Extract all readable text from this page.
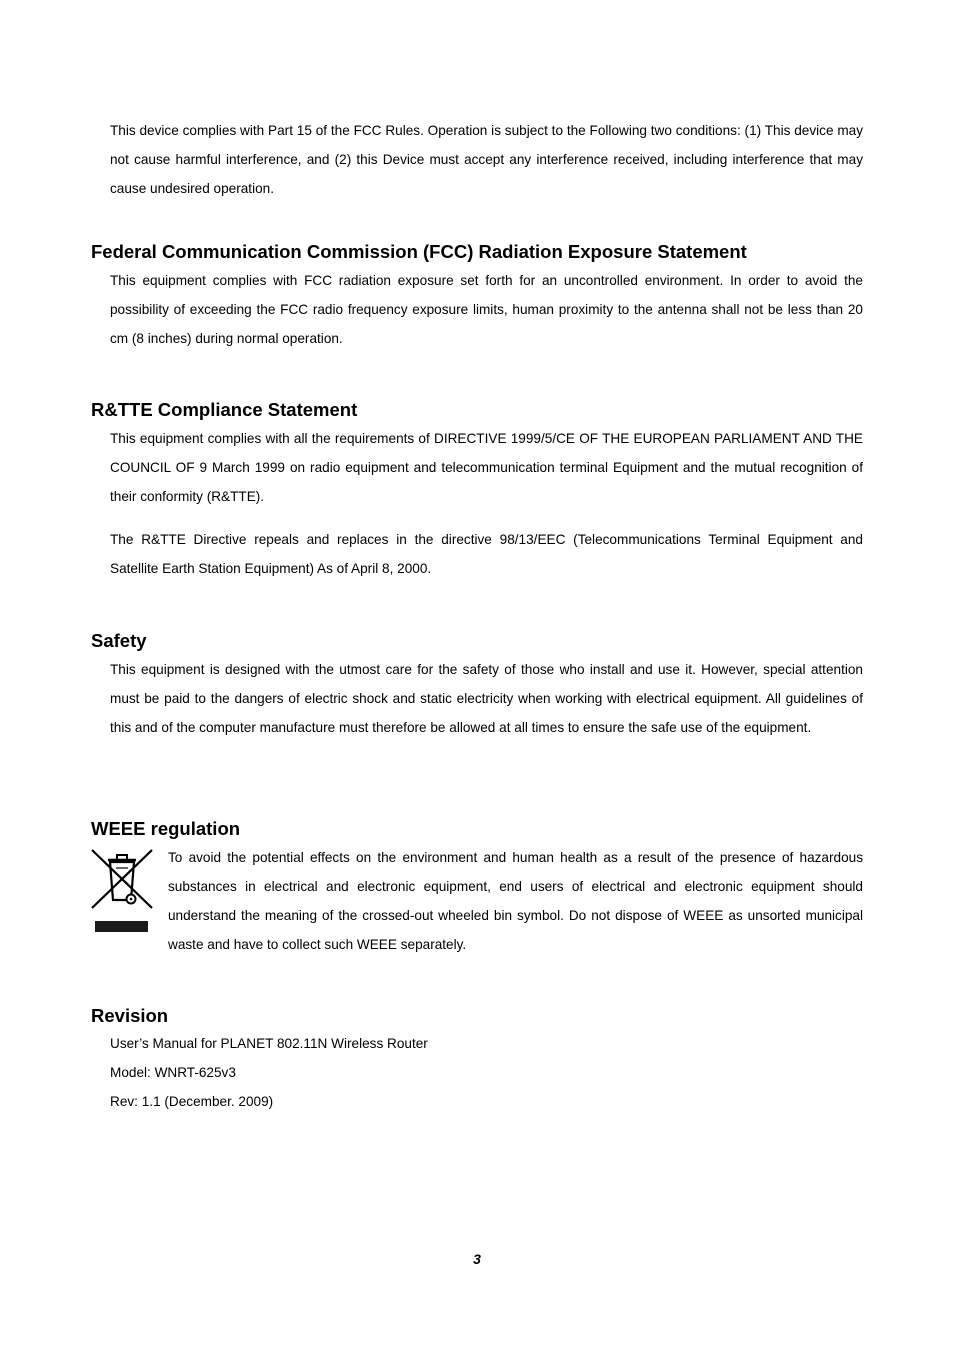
This device complies with Part 15 of the FCC Rules. Operation is subject to the Following two conditions: (1) This device may not cause harmful interference, and (2) this Device must accept any interference received, including interference that may cause undesired operation.

Federal Communication Commission (FCC) Radiation Exposure Statement

This equipment complies with FCC radiation exposure set forth for an uncontrolled environment. In order to avoid the possibility of exceeding the FCC radio frequency exposure limits, human proximity to the antenna shall not be less than 20 cm (8 inches) during normal operation.

R&TTE Compliance Statement

This equipment complies with all the requirements of DIRECTIVE 1999/5/CE OF THE EUROPEAN PARLIAMENT AND THE COUNCIL OF 9 March 1999 on radio equipment and telecommunication terminal Equipment and the mutual recognition of their conformity (R&TTE).

The R&TTE Directive repeals and replaces in the directive 98/13/EEC (Telecommunications Terminal Equipment and Satellite Earth Station Equipment) As of April 8, 2000.

Safety

This equipment is designed with the utmost care for the safety of those who install and use it. However, special attention must be paid to the dangers of electric shock and static electricity when working with electrical equipment. All guidelines of this and of the computer manufacture must therefore be allowed at all times to ensure the safe use of the equipment.

WEEE regulation

To avoid the potential effects on the environment and human health as a result of the presence of hazardous substances in electrical and electronic equipment, end users of electrical and electronic equipment should understand the meaning of the crossed-out wheeled bin symbol. Do not dispose of WEEE as unsorted municipal waste and have to collect such WEEE separately.

Revision

User’s Manual for PLANET 802.11N Wireless Router

Model: WNRT-625v3

Rev: 1.1 (December. 2009)

3
